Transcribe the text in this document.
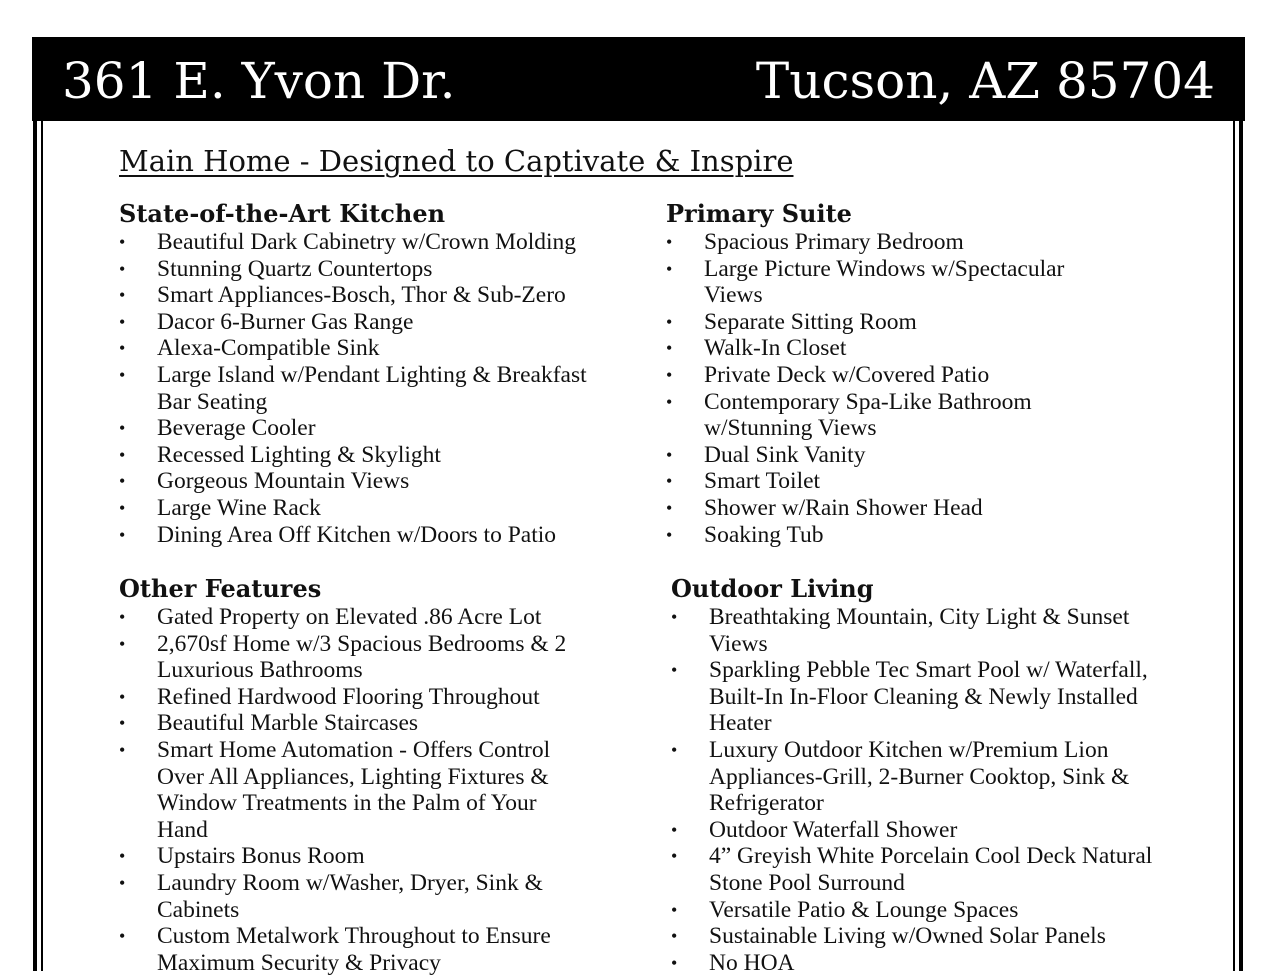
361 E. Yvon Dr.	Tucson, AZ 85704
Main Home - Designed to Captivate & Inspire
State-of-the-Art Kitchen
• Beautiful Dark Cabinetry w/Crown Molding
• Stunning Quartz Countertops
• Smart Appliances-Bosch, Thor & Sub-Zero
• Dacor 6-Burner Gas Range
• Alexa-Compatible Sink
• Large Island w/Pendant Lighting & Breakfast Bar Seating
• Beverage Cooler
• Recessed Lighting & Skylight
• Gorgeous Mountain Views
• Large Wine Rack
• Dining Area Off Kitchen w/Doors to Patio
Primary Suite
• Spacious Primary Bedroom
• Large Picture Windows w/Spectacular Views
• Separate Sitting Room
• Walk-In Closet
• Private Deck w/Covered Patio
• Contemporary Spa-Like Bathroom w/Stunning Views
• Dual Sink Vanity
• Smart Toilet
• Shower w/Rain Shower Head
• Soaking Tub
Other Features
• Gated Property on Elevated .86 Acre Lot
• 2,670sf Home w/3 Spacious Bedrooms & 2 Luxurious Bathrooms
• Refined Hardwood Flooring Throughout
• Beautiful Marble Staircases
• Smart Home Automation - Offers Control Over All Appliances, Lighting Fixtures & Window Treatments in the Palm of Your Hand
• Upstairs Bonus Room
• Laundry Room w/Washer, Dryer, Sink & Cabinets
• Custom Metalwork Throughout to Ensure Maximum Security & Privacy
Outdoor Living
• Breathtaking Mountain, City Light & Sunset Views
• Sparkling Pebble Tec Smart Pool w/ Waterfall, Built-In In-Floor Cleaning & Newly Installed Heater
• Luxury Outdoor Kitchen w/Premium Lion Appliances-Grill, 2-Burner Cooktop, Sink & Refrigerator
• Outdoor Waterfall Shower
• 4” Greyish White Porcelain Cool Deck Natural Stone Pool Surround
• Versatile Patio & Lounge Spaces
• Sustainable Living w/Owned Solar Panels
• No HOA
